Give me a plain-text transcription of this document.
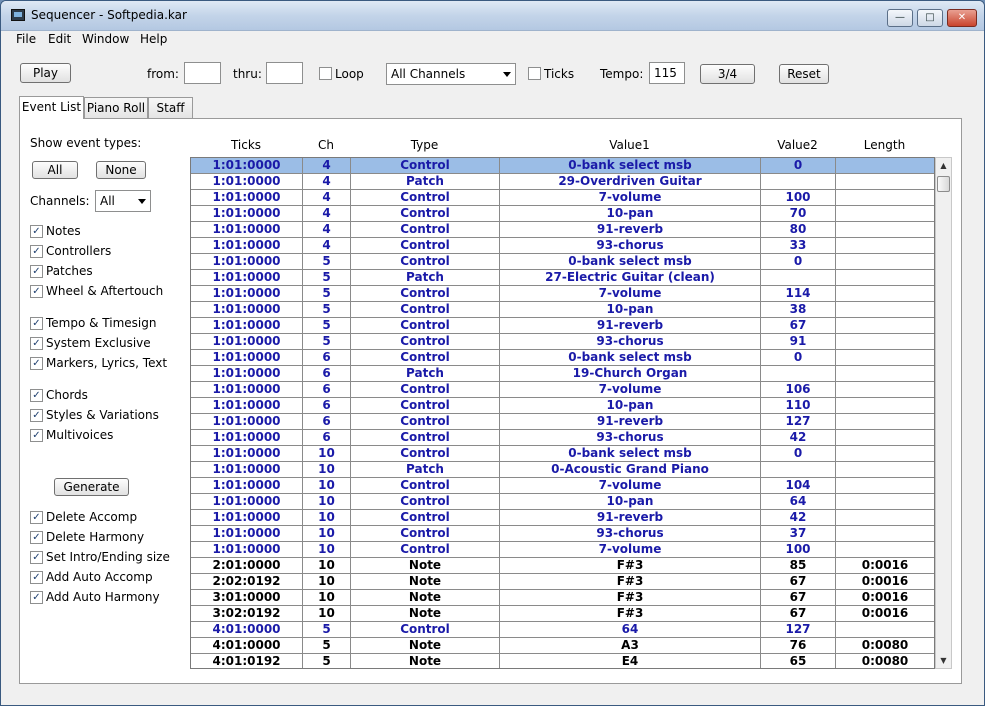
Sequencer - Softpedia.kar	—	□	✕
File Edit Window Help
Play	from:	thru:	Loop	All Channels	Ticks Tempo: 115	3/4	Reset
Event List Piano Roll Staff
Show event types:
All	None
Channels: All
✓ Notes
✓ Controllers
✓ Patches
✓ Wheel & Aftertouch
✓ Tempo & Timesign
✓ System Exclusive
✓ Markers, Lyrics, Text
✓ Chords
✓ Styles & Variations
✓ Multivoices
Generate
✓ Delete Accomp
✓ Delete Harmony
✓ Set Intro/Ending size
✓ Add Auto Accomp
✓ Add Auto Harmony
Ticks	Ch	Type	Value1	Value2	Length
1:01:0000	4	Control	0-bank select msb	0
1:01:0000	4	Patch	29-Overdriven Guitar
1:01:0000	4	Control	7-volume	100
1:01:0000	4	Control	10-pan	70
1:01:0000	4	Control	91-reverb	80
1:01:0000	4	Control	93-chorus	33
1:01:0000	5	Control	0-bank select msb	0
1:01:0000	5	Patch	27-Electric Guitar (clean)
1:01:0000	5	Control	7-volume	114
1:01:0000	5	Control	10-pan	38
1:01:0000	5	Control	91-reverb	67
1:01:0000	5	Control	93-chorus	91
1:01:0000	6	Control	0-bank select msb	0
1:01:0000	6	Patch	19-Church Organ
1:01:0000	6	Control	7-volume	106
1:01:0000	6	Control	10-pan	110
1:01:0000	6	Control	91-reverb	127
1:01:0000	6	Control	93-chorus	42
1:01:0000	10	Control	0-bank select msb	0
1:01:0000	10	Patch	0-Acoustic Grand Piano
1:01:0000	10	Control	7-volume	104
1:01:0000	10	Control	10-pan	64
1:01:0000	10	Control	91-reverb	42
1:01:0000	10	Control	93-chorus	37
1:01:0000	10	Control	7-volume	100
2:01:0000	10	Note	F#3	85	0:0016
2:02:0192	10	Note	F#3	67	0:0016
3:01:0000	10	Note	F#3	67	0:0016
3:02:0192	10	Note	F#3	67	0:0016
4:01:0000	5	Control	64	127
4:01:0000	5	Note	A3	76	0:0080
4:01:0192	5	Note	E4	65	0:0080
▲
▼
